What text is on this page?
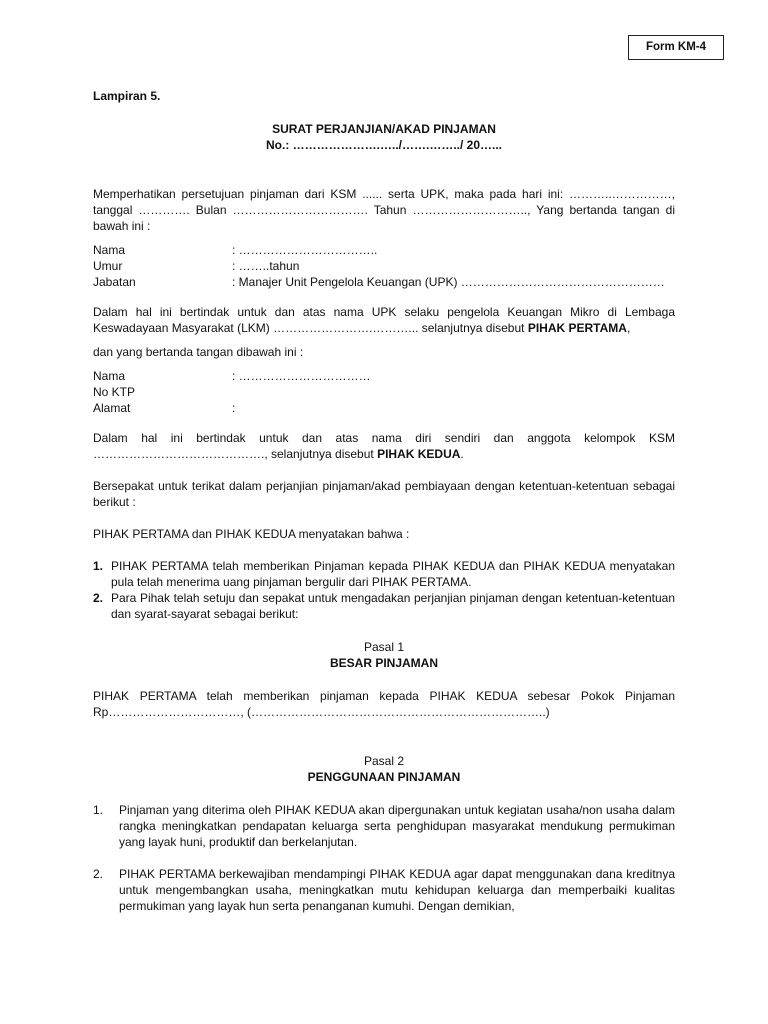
Form KM-4

Lampiran 5.

SURAT PERJANJIAN/AKAD PINJAMAN

No.: ………………….…../…….……../ 20…...

Memperhatikan persetujuan pinjaman dari KSM ...... serta UPK, maka pada hari ini: ………..……………, tanggal …………. Bulan ……………………………. Tahun ……………………….., Yang bertanda tangan di bawah ini :

Nama	: ……………………………..
Umur	: ……..tahun
Jabatan	: Manajer Unit Pengelola Keuangan (UPK) ……………………………………………

Dalam hal ini bertindak untuk dan atas nama UPK selaku pengelola Keuangan Mikro di Lembaga Keswadayaan Masyarakat (LKM) …………………….………... selanjutnya disebut PIHAK PERTAMA,

dan yang bertanda tangan dibawah ini :

Nama	: ……………………………
No KTP
Alamat	:

Dalam hal ini bertindak untuk dan atas nama diri sendiri dan anggota kelompok KSM ……………………………………., selanjutnya disebut PIHAK KEDUA.

Bersepakat untuk terikat dalam perjanjian pinjaman/akad pembiayaan dengan ketentuan-ketentuan sebagai berikut :

PIHAK PERTAMA dan PIHAK KEDUA menyatakan bahwa :

1. PIHAK PERTAMA telah memberikan Pinjaman kepada PIHAK KEDUA dan PIHAK KEDUA menyatakan pula telah menerima uang pinjaman bergulir dari PIHAK PERTAMA.
2. Para Pihak telah setuju dan sepakat untuk mengadakan perjanjian pinjaman dengan ketentuan-ketentuan dan syarat-sayarat sebagai berikut:

Pasal 1

BESAR PINJAMAN

PIHAK PERTAMA telah memberikan pinjaman kepada PIHAK KEDUA sebesar Pokok Pinjaman Rp……………………………, (………………………………………………………………..)

Pasal 2

PENGGUNAAN PINJAMAN

1.	Pinjaman yang diterima oleh PIHAK KEDUA akan dipergunakan untuk kegiatan usaha/non usaha dalam rangka meningkatkan pendapatan keluarga serta penghidupan masyarakat mendukung permukiman yang layak huni, produktif dan berkelanjutan.
2.	PIHAK PERTAMA berkewajiban mendampingi PIHAK KEDUA agar dapat menggunakan dana kreditnya untuk mengembangkan usaha, meningkatkan mutu kehidupan keluarga dan memperbaiki kualitas permukiman yang layak hun serta penanganan kumuhi. Dengan demikian,
